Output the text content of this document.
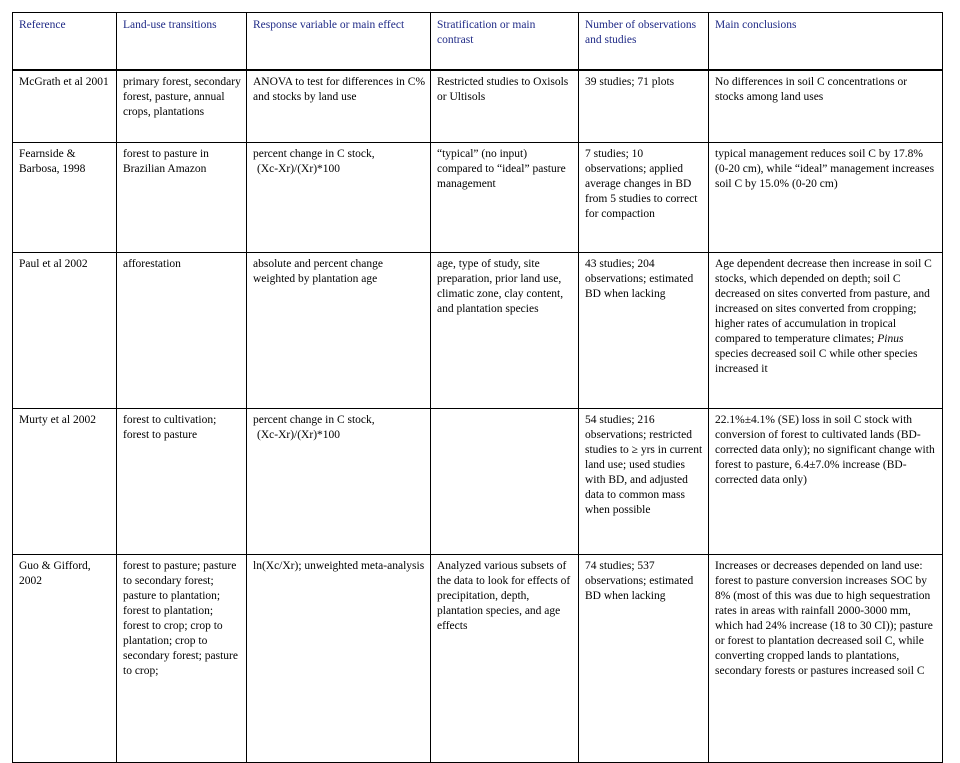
Reference	Land-use transitions	Response variable or main effect	Stratification or main contrast	Number of observations and studies	Main conclusions

McGrath et al 2001	primary forest, secondary forest, pasture, annual crops, plantations	ANOVA to test for differences in C% and stocks by land use	Restricted studies to Oxisols or Ultisols	39 studies; 71 plots	No differences in soil C concentrations or stocks among land uses
Fearnside & Barbosa, 1998	forest to pasture in Brazilian Amazon	percent change in C stock,
(Xc-Xr)/(Xr)*100	“typical” (no input) compared to “ideal” pasture management	7 studies; 10 observations; applied average changes in BD from 5 studies to correct for compaction	typical management reduces soil C by 17.8% (0-20 cm), while “ideal” management increases soil C by 15.0% (0-20 cm)
Paul et al 2002	afforestation	absolute and percent change weighted by plantation age	age, type of study, site preparation, prior land use, climatic zone, clay content, and plantation species	43 studies; 204 observations; estimated BD when lacking	Age dependent decrease then increase in soil C stocks, which depended on depth; soil C decreased on sites converted from pasture, and increased on sites converted from cropping; higher rates of accumulation in tropical compared to temperature climates; Pinus species decreased soil C while other species increased it
Murty et al 2002	forest to cultivation; forest to pasture	percent change in C stock,
(Xc-Xr)/(Xr)*100		54 studies; 216 observations; restricted studies to ≥ yrs in current land use; used studies with BD, and adjusted data to common mass when possible	22.1%±4.1% (SE) loss in soil C stock with conversion of forest to cultivated lands (BD-corrected data only); no significant change with forest to pasture, 6.4±7.0% increase (BD-corrected data only)
Guo & Gifford, 2002	forest to pasture; pasture to secondary forest; pasture to plantation; forest to plantation; forest to crop; crop to plantation; crop to secondary forest; pasture to crop;	ln(Xc/Xr); unweighted meta-analysis	Analyzed various subsets of the data to look for effects of precipitation, depth, plantation species, and age effects	74 studies; 537 observations; estimated BD when lacking	Increases or decreases depended on land use: forest to pasture conversion increases SOC by 8% (most of this was due to high sequestration rates in areas with rainfall 2000-3000 mm, which had 24% increase (18 to 30 CI)); pasture or forest to plantation decreased soil C, while converting cropped lands to plantations, secondary forests or pastures increased soil C
